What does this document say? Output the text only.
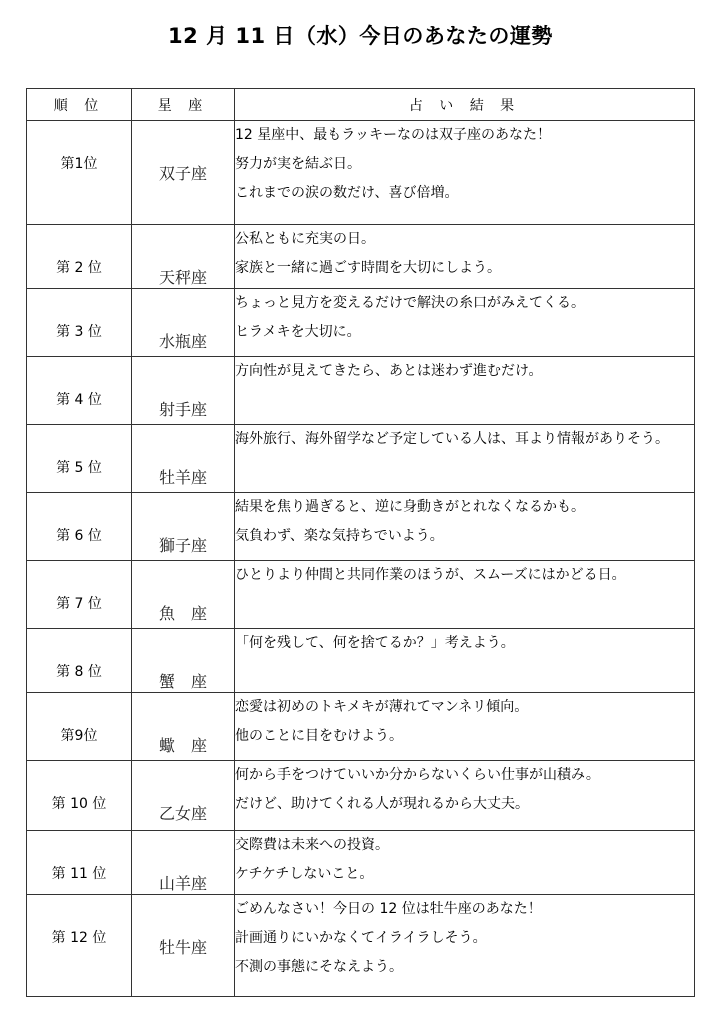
12 月 11 日（水）今日のあなたの運勢
順 位	星 座	占 い 結 果

第1位	双子座	12 星座中、最もラッキーなのは双子座のあなた！
努力が実を結ぶ日。
これまでの涙の数だけ、喜び倍増。

第 2 位	天秤座	公私ともに充実の日。
家族と一緒に過ごす時間を大切にしよう。

第 3 位	水瓶座	ちょっと見方を変えるだけで解決の糸口がみえてくる。
ヒラメキを大切に。

第 4 位	射手座	方向性が見えてきたら、あとは迷わず進むだけ。

第 5 位	牡羊座	海外旅行、海外留学など予定している人は、耳より情報がありそう。

第 6 位	獅子座	結果を焦り過ぎると、逆に身動きがとれなくなるかも。
気負わず、楽な気持ちでいよう。

第 7 位	魚　座	ひとりより仲間と共同作業のほうが、スムーズにはかどる日。

第 8 位	蟹　座	「何を残して、何を捨てるか？」考えよう。

第9位	蠍　座	恋愛は初めのトキメキが薄れてマンネリ傾向。
他のことに目をむけよう。

第 10 位	乙女座	何から手をつけていいか分からないくらい仕事が山積み。
だけど、助けてくれる人が現れるから大丈夫。

第 11 位	山羊座	交際費は未来への投資。
ケチケチしないこと。

第 12 位	牡牛座	ごめんなさい！今日の 12 位は牡牛座のあなた！
計画通りにいかなくてイライラしそう。
不測の事態にそなえよう。
